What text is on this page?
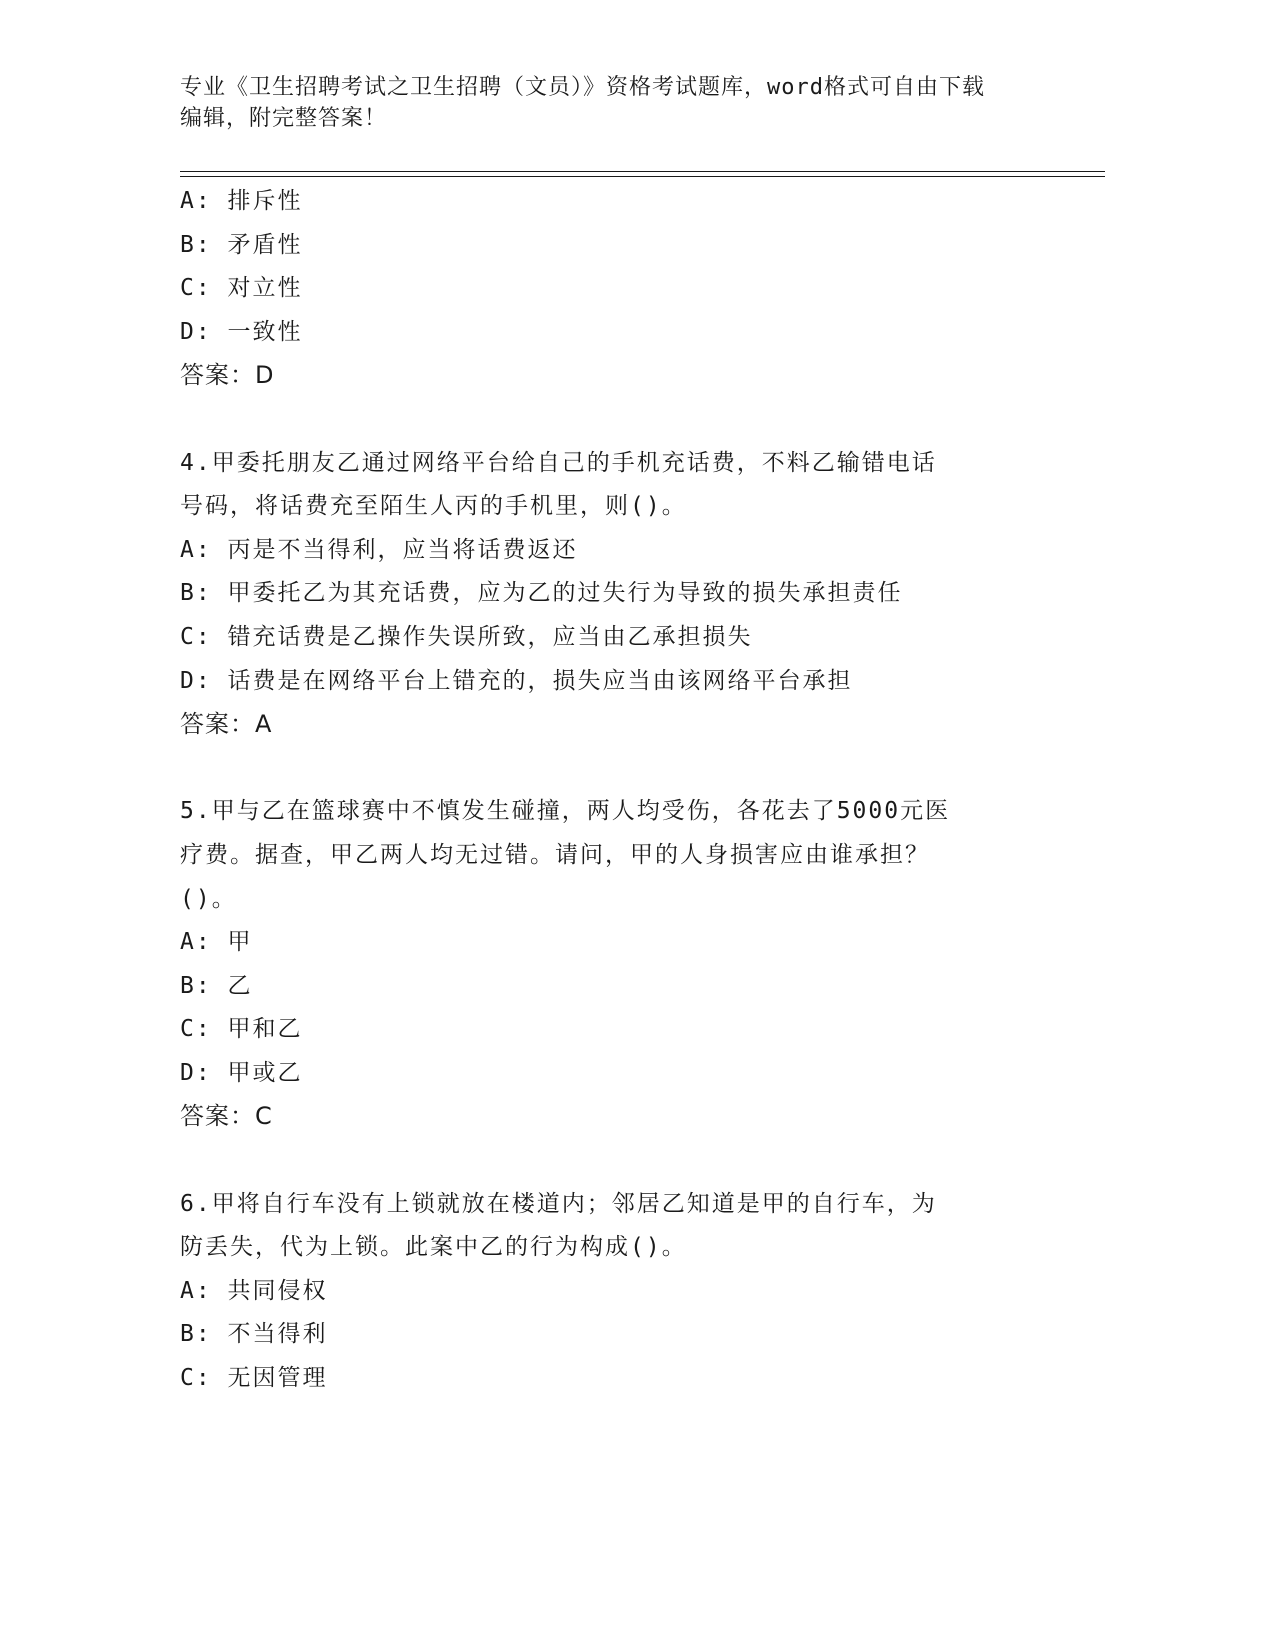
专业《卫生招聘考试之卫生招聘（文员）》资格考试题库，word格式可自由下载
编辑，附完整答案！
A: 排斥性
B: 矛盾性
C: 对立性
D: 一致性
答案：D
4.甲委托朋友乙通过网络平台给自己的手机充话费，不料乙输错电话
号码，将话费充至陌生人丙的手机里，则()。
A: 丙是不当得利，应当将话费返还
B: 甲委托乙为其充话费，应为乙的过失行为导致的损失承担责任
C: 错充话费是乙操作失误所致，应当由乙承担损失
D: 话费是在网络平台上错充的，损失应当由该网络平台承担
答案：A
5.甲与乙在篮球赛中不慎发生碰撞，两人均受伤，各花去了5000元医
疗费。据查，甲乙两人均无过错。请问，甲的人身损害应由谁承担？
()。
A: 甲
B: 乙
C: 甲和乙
D: 甲或乙
答案：C
6.甲将自行车没有上锁就放在楼道内；邻居乙知道是甲的自行车，为
防丢失，代为上锁。此案中乙的行为构成()。
A: 共同侵权
B: 不当得利
C: 无因管理
